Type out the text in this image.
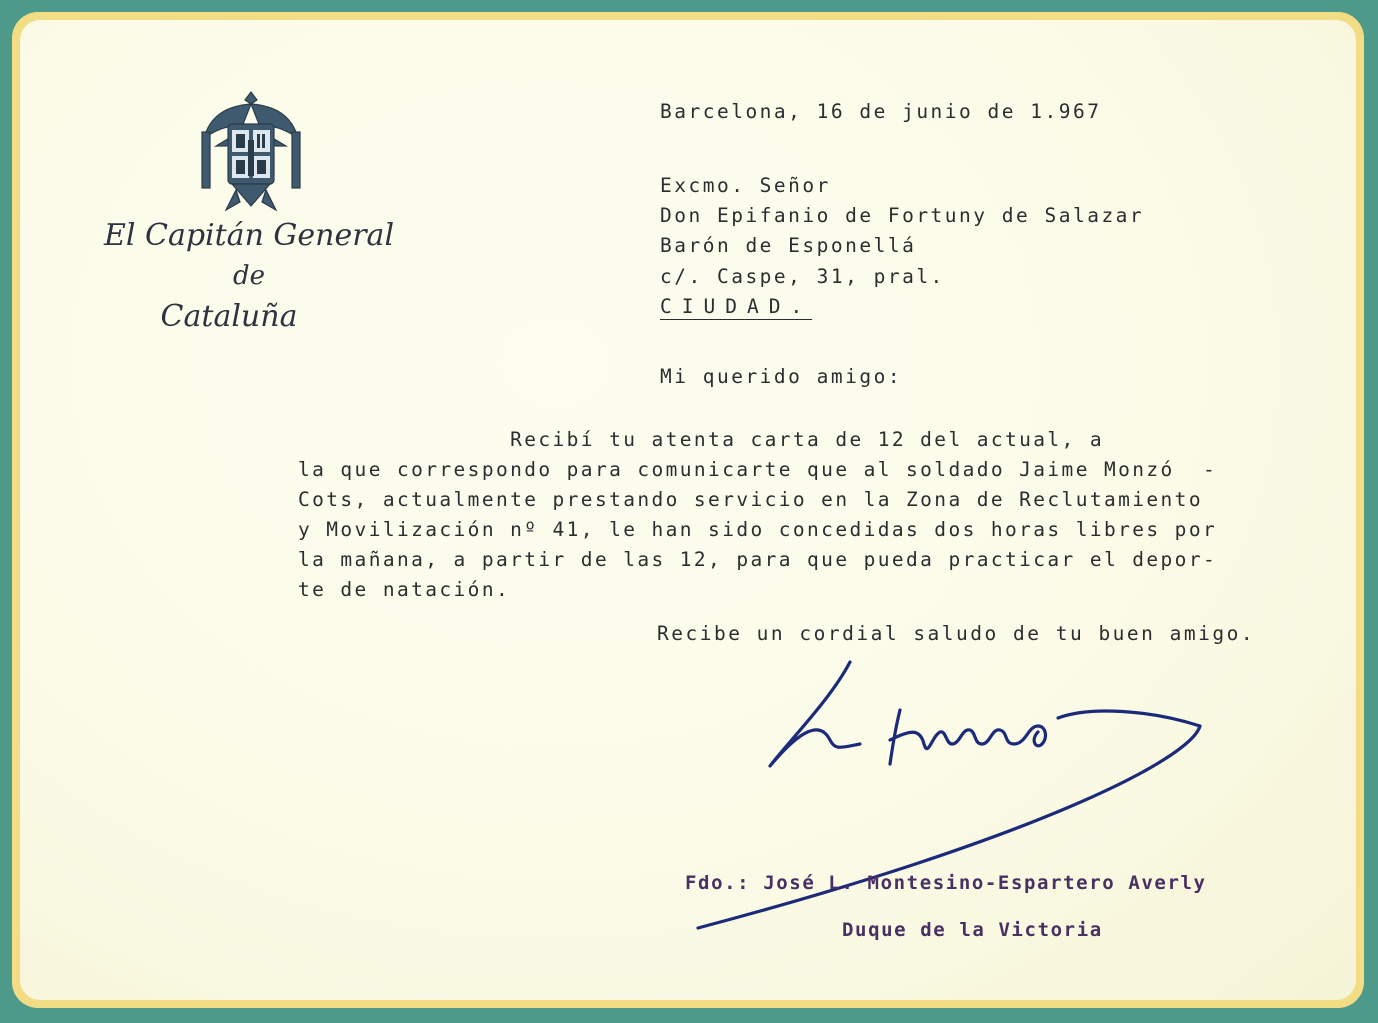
El Capitán General
de
Cataluña
Barcelona, 16 de junio de 1.967
Excmo. Señor
Don Epifanio de Fortuny de Salazar
Barón de Esponellá
c/. Caspe, 31, pral.
CIUDAD.
Mi querido amigo:
Recibí tu atenta carta de 12 del actual, a
la que correspondo para comunicarte que al soldado Jaime Monzó  -
Cots, actualmente prestando servicio en la Zona de Reclutamiento
y Movilización nº 41, le han sido concedidas dos horas libres por
la mañana, a partir de las 12, para que pueda practicar el depor-
te de natación.
Recibe un cordial saludo de tu buen amigo.
Fdo.: José L. Montesino-Espartero Averly
Duque de la Victoria
